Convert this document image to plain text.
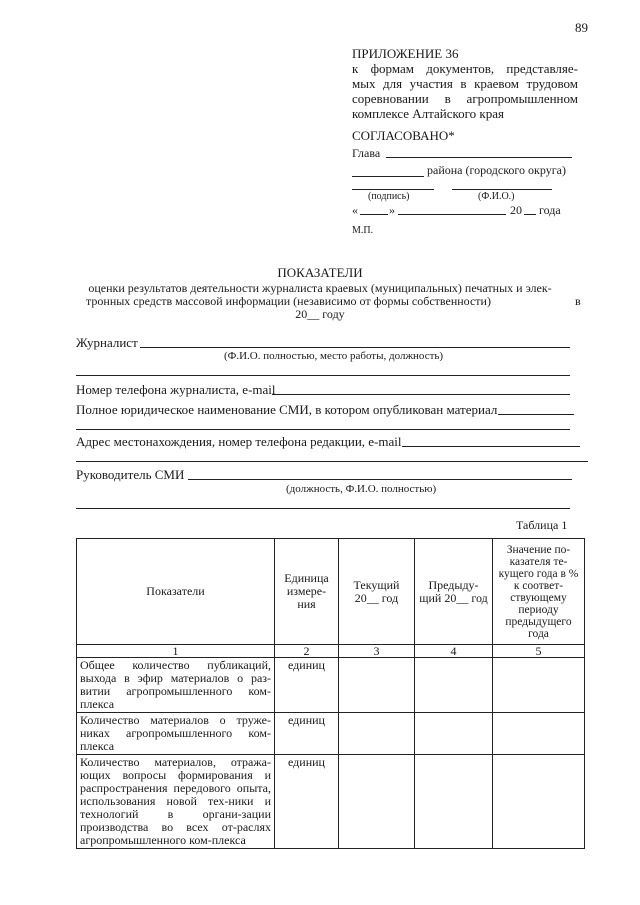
89
ПРИЛОЖЕНИЕ 36
к формам документов, представляе-
мых для участия в краевом трудовом
соревновании в агропромышленном
комплексе Алтайского края
СОГЛАСОВАНО*
Глава
района (городского округа)
(подпись)	(Ф.И.О.)
«	»	20 года
М.П.
ПОКАЗАТЕЛИ
оценки результатов деятельности журналиста краевых (муниципальных) печатных и элек-
тронных средств массовой информации (независимо от формы собственности)	в
20__ году
Журналист
(Ф.И.О. полностью, место работы, должность)
Номер телефона журналиста, e-mail
Полное юридическое наименование СМИ, в котором опубликован материал
Адрес местонахождения, номер телефона редакции, e-mail
Руководитель СМИ
(должность, Ф.И.О. полностью)
Таблица 1
Показатели	Единица измере-ния	Текущий 20__ год	Предыду-щий 20__ год	Значение по-казателя те-кущего года в % к соответ-ствующему периоду предыдущего года
1	2	3	4	5
Общее количество публикаций, выхода в эфир материалов о раз-витии агропромышленного ком-плекса	единиц			
Количество материалов о труже-никах агропромышленного ком-плекса	единиц			
Количество материалов, отража-ющих вопросы формирования и распространения передового опыта, использования новой тех-ники и технологий в органи-зации производства во всех от-раслях агропромышленного ком-плекса	единиц			
